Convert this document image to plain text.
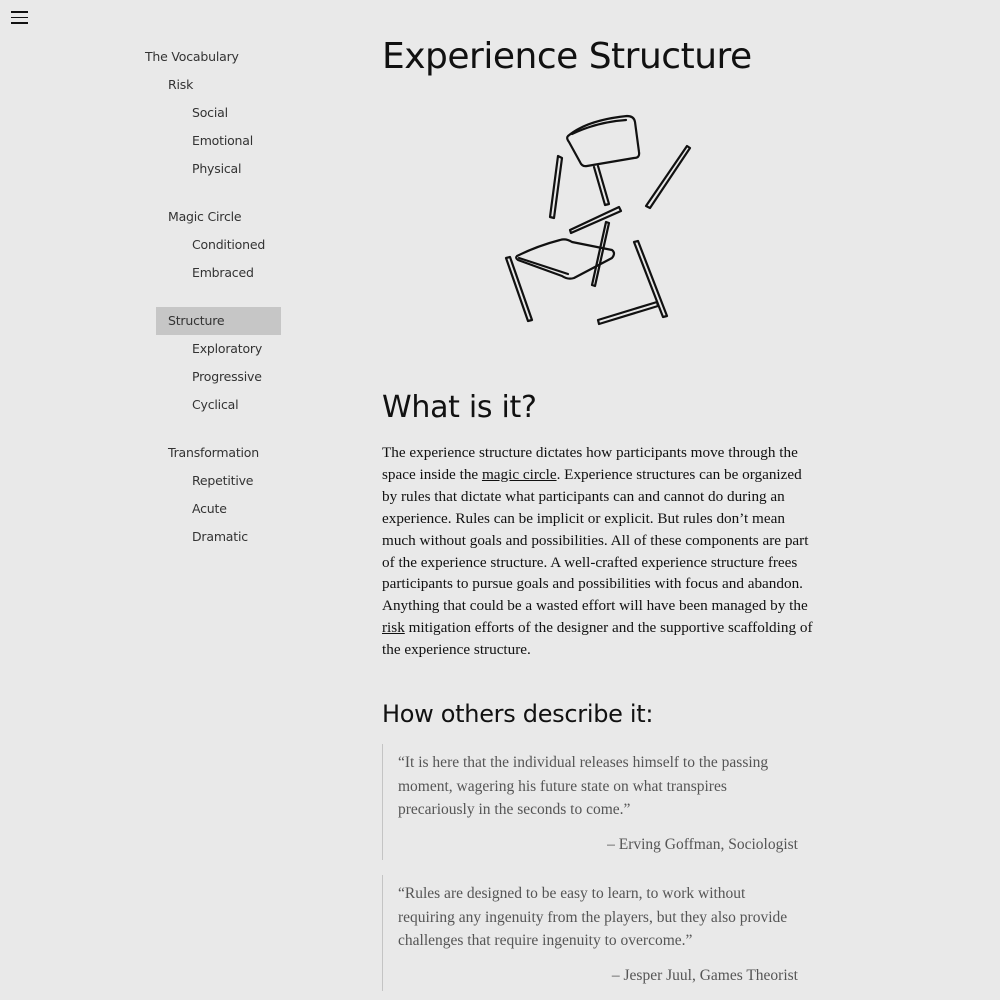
The Vocabulary
Risk
Social
Emotional
Physical
Magic Circle
Conditioned
Embraced
Structure
Exploratory
Progressive
Cyclical
Transformation
Repetitive
Acute
Dramatic
Experience Structure
What is it?

The experience structure dictates how participants move through the space inside the magic circle. Experience structures can be organized by rules that dictate what participants can and cannot do during an experience. Rules can be implicit or explicit. But rules don’t mean much without goals and possibilities. All of these components are part of the experience structure. A well-crafted experience structure frees participants to pursue goals and possibilities with focus and abandon. Anything that could be a wasted effort will have been managed by the risk mitigation efforts of the designer and the supportive scaffolding of the experience structure.

How others describe it:
“It is here that the individual releases himself to the passing moment, wagering his future state on what transpires precariously in the seconds to come.”
– Erving Goffman, Sociologist
“Rules are designed to be easy to learn, to work without requiring any ingenuity from the players, but they also provide challenges that require ingenuity to overcome.”
– Jesper Juul, Games Theorist
